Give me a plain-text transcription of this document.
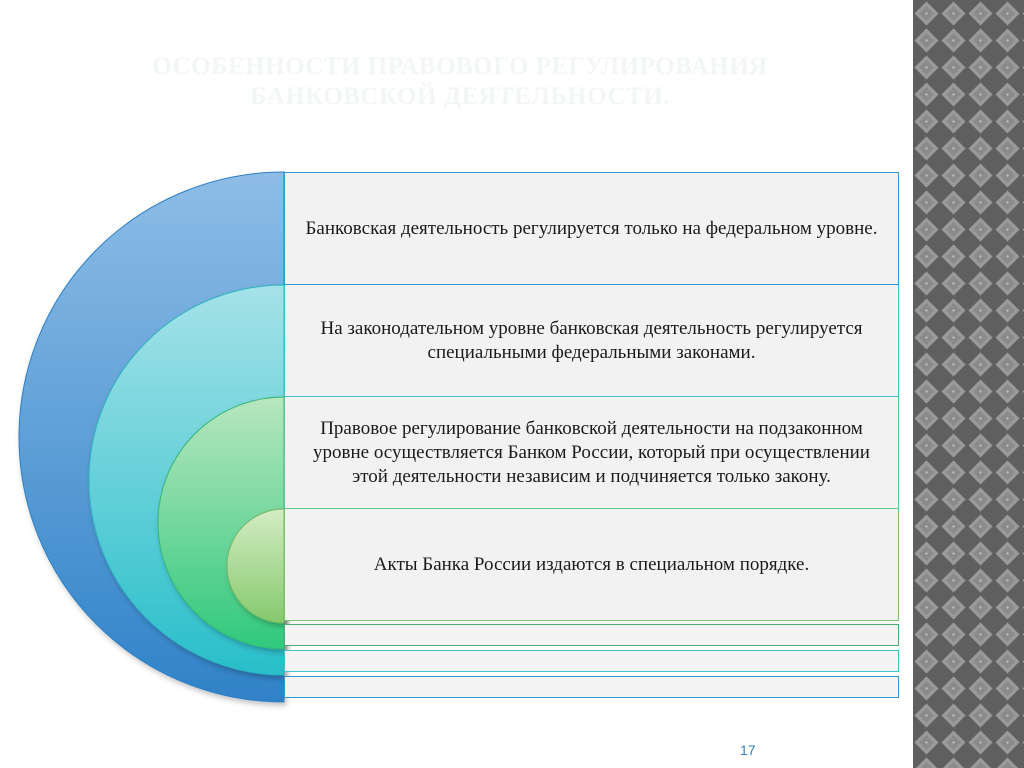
ОСОБЕННОСТИ ПРАВОВОГО РЕГУЛИРОВАНИЯ
БАНКОВСКОЙ ДЕЯТЕЛЬНОСТИ.
Банковская деятельность регулируется только на федеральном уровне.
На законодательном уровне банковская деятельность регулируется специальными федеральными законами.
Правовое регулирование банковской деятельности на подзаконном уровне осуществляется Банком России, который при осуществлении этой деятельности независим и подчиняется только закону.
Акты Банка России издаются в специальном порядке.
17
